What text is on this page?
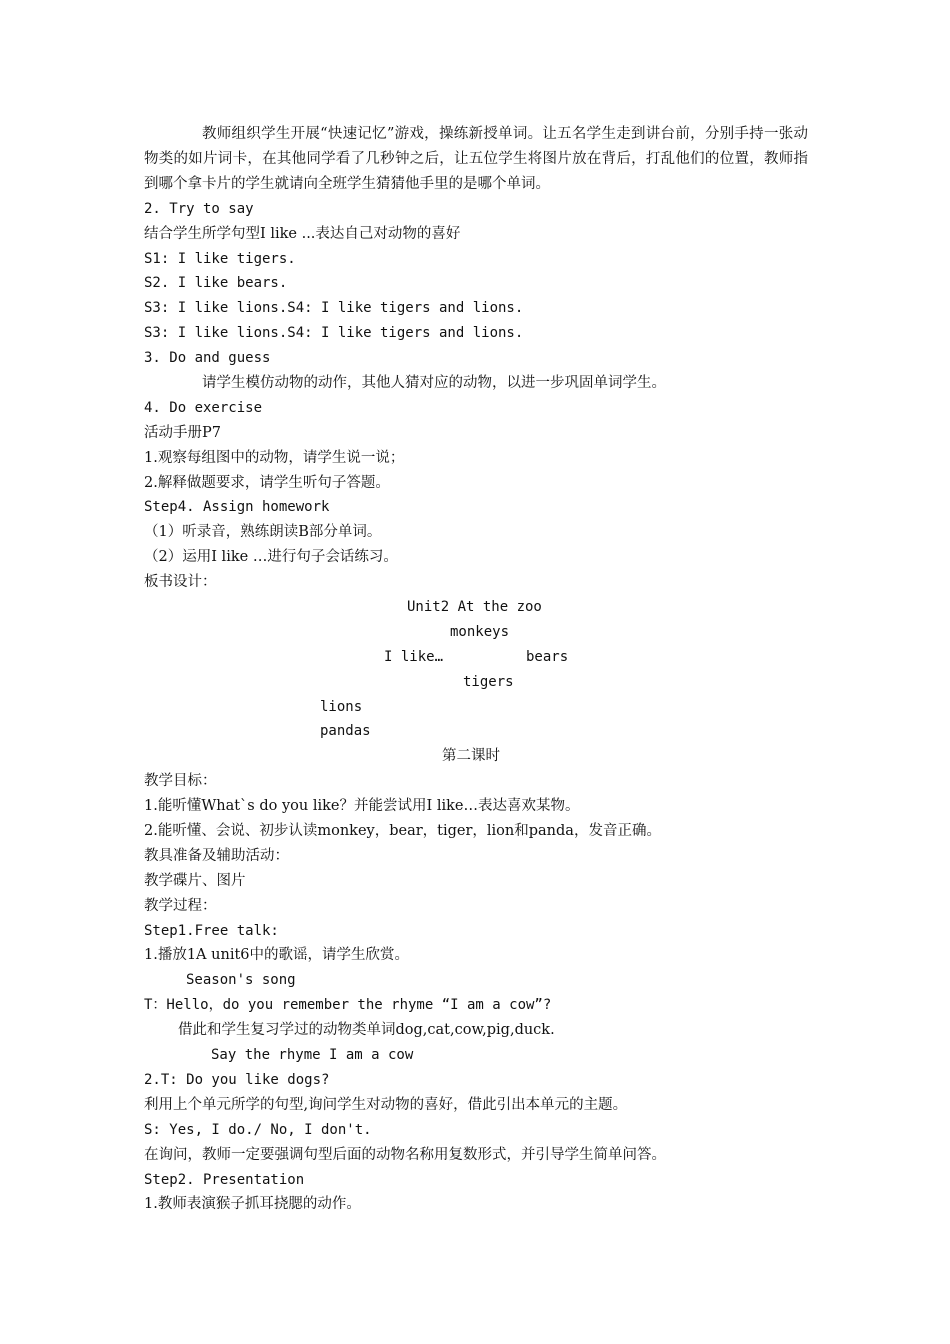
教师组织学生开展“快速记忆”游戏，操练新授单词。让五名学生走到讲台前，分别手持一张动物类的如片词卡，在其他同学看了几秒钟之后，让五位学生将图片放在背后，打乱他们的位置，教师指到哪个拿卡片的学生就请向全班学生猜猜他手里的是哪个单词。
2. Try to say
结合学生所学句型I like ...表达自己对动物的喜好
S1: I like tigers.
S2. I like bears.
S3: I like lions.S4: I like tigers and lions.
S3: I like lions.S4: I like tigers and lions.
3. Do and guess
请学生模仿动物的动作，其他人猜对应的动物，以进一步巩固单词学生。
4. Do exercise
活动手册P7
1.观察每组图中的动物，请学生说一说；
2.解释做题要求，请学生听句子答题。
Step4. Assign homework
（1）听录音，熟练朗读B部分单词。
（2）运用I like …进行句子会话练习。
板书设计：
Unit2 At the zoo
monkeys
I like…	bears
tigers
lions
pandas
第二课时
教学目标：
1.能听懂What`s do you like？并能尝试用I like…表达喜欢某物。
2.能听懂、会说、初步认读monkey，bear，tiger，lion和panda，发音正确。
教具准备及辅助活动：
教学碟片、图片
教学过程：
Step1.Free talk:
1.播放1A unit6中的歌谣，请学生欣赏。
Season's song
T：Hello，do you remember the rhyme “I am a cow”?
借此和学生复习学过的动物类单词dog,cat,cow,pig,duck.
Say the rhyme I am a cow
2.T: Do you like dogs?
利用上个单元所学的句型,询问学生对动物的喜好，借此引出本单元的主题。
S: Yes, I do./ No, I don't.
在询问，教师一定要强调句型后面的动物名称用复数形式，并引导学生简单问答。
Step2. Presentation
1.教师表演猴子抓耳挠腮的动作。
